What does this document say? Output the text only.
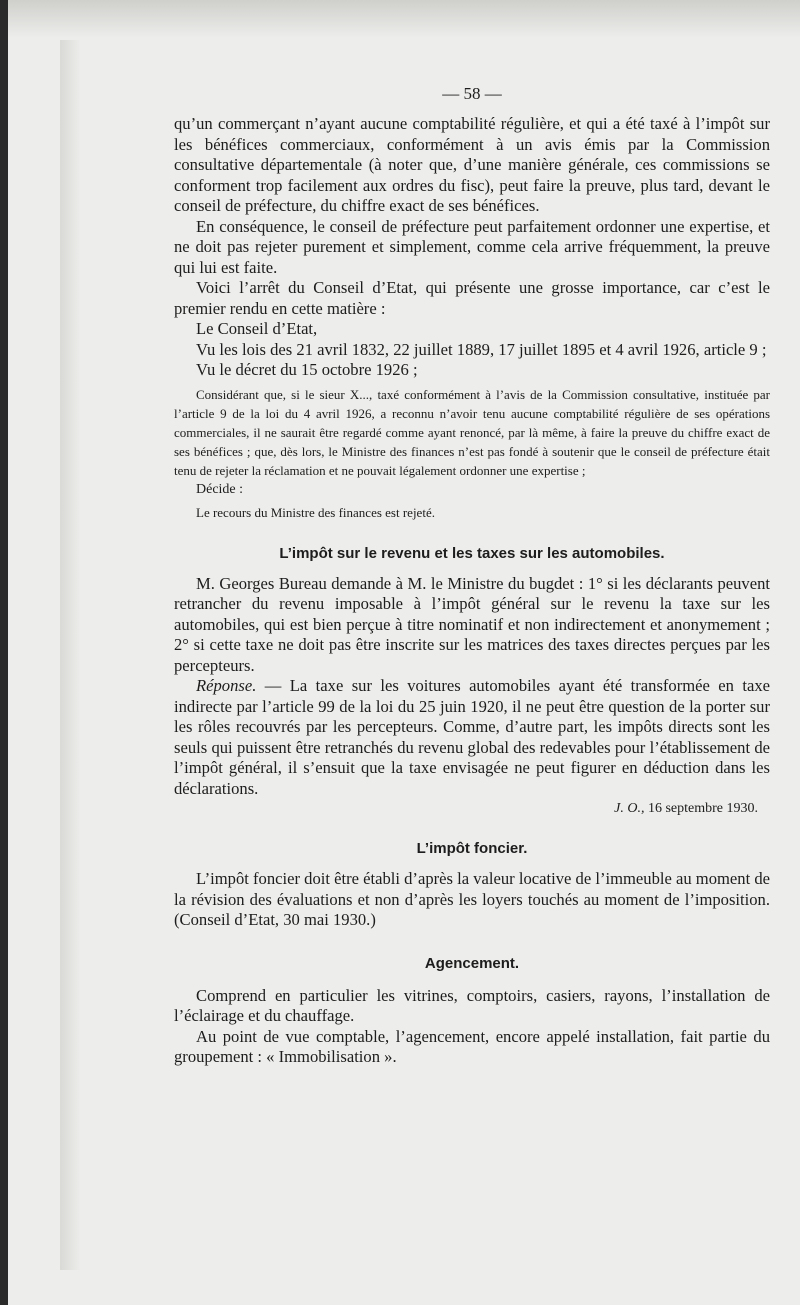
— 58 —

qu’un commerçant n’ayant aucune comptabilité régulière, et qui a été taxé à l’impôt sur les bénéfices commerciaux, conformément à un avis émis par la Commission consultative départementale (à noter que, d’une manière générale, ces commissions se conforment trop facilement aux ordres du fisc), peut faire la preuve, plus tard, devant le conseil de préfecture, du chiffre exact de ses bénéfices.

En conséquence, le conseil de préfecture peut parfaitement ordonner une expertise, et ne doit pas rejeter purement et simplement, comme cela arrive fréquemment, la preuve qui lui est faite.

Voici l’arrêt du Conseil d’Etat, qui présente une grosse importance, car c’est le premier rendu en cette matière :

Le Conseil d’Etat,

Vu les lois des 21 avril 1832, 22 juillet 1889, 17 juillet 1895 et 4 avril 1926, article 9 ;

Vu le décret du 15 octobre 1926 ;

Considérant que, si le sieur X..., taxé conformément à l’avis de la Commission consultative, instituée par l’article 9 de la loi du 4 avril 1926, a reconnu n’avoir tenu aucune comptabilité régulière de ses opérations commerciales, il ne saurait être regardé comme ayant renoncé, par là même, à faire la preuve du chiffre exact de ses bénéfices ; que, dès lors, le Ministre des finances n’est pas fondé à soutenir que le conseil de préfecture était tenu de rejeter la réclamation et ne pouvait légalement ordonner une expertise ;

Décide :

Le recours du Ministre des finances est rejeté.

L’impôt sur le revenu et les taxes sur les automobiles.

M. Georges Bureau demande à M. le Ministre du bugdet : 1° si les déclarants peuvent retrancher du revenu imposable à l’impôt général sur le revenu la taxe sur les automobiles, qui est bien perçue à titre nominatif et non indirectement et anonymement ; 2° si cette taxe ne doit pas être inscrite sur les matrices des taxes directes perçues par les percepteurs.

Réponse. — La taxe sur les voitures automobiles ayant été transformée en taxe indirecte par l’article 99 de la loi du 25 juin 1920, il ne peut être question de la porter sur les rôles recouvrés par les percepteurs. Comme, d’autre part, les impôts directs sont les seuls qui puissent être retranchés du revenu global des redevables pour l’établissement de l’impôt général, il s’ensuit que la taxe envisagée ne peut figurer en déduction dans les déclarations.

J. O., 16 septembre 1930.
L’impôt foncier.

L’impôt foncier doit être établi d’après la valeur locative de l’immeuble au moment de la révision des évaluations et non d’après les loyers touchés au moment de l’imposition. (Conseil d’Etat, 30 mai 1930.)

Agencement.

Comprend en particulier les vitrines, comptoirs, casiers, rayons, l’installation de l’éclairage et du chauffage.

Au point de vue comptable, l’agencement, encore appelé installation, fait partie du groupement : « Immobilisation ».
